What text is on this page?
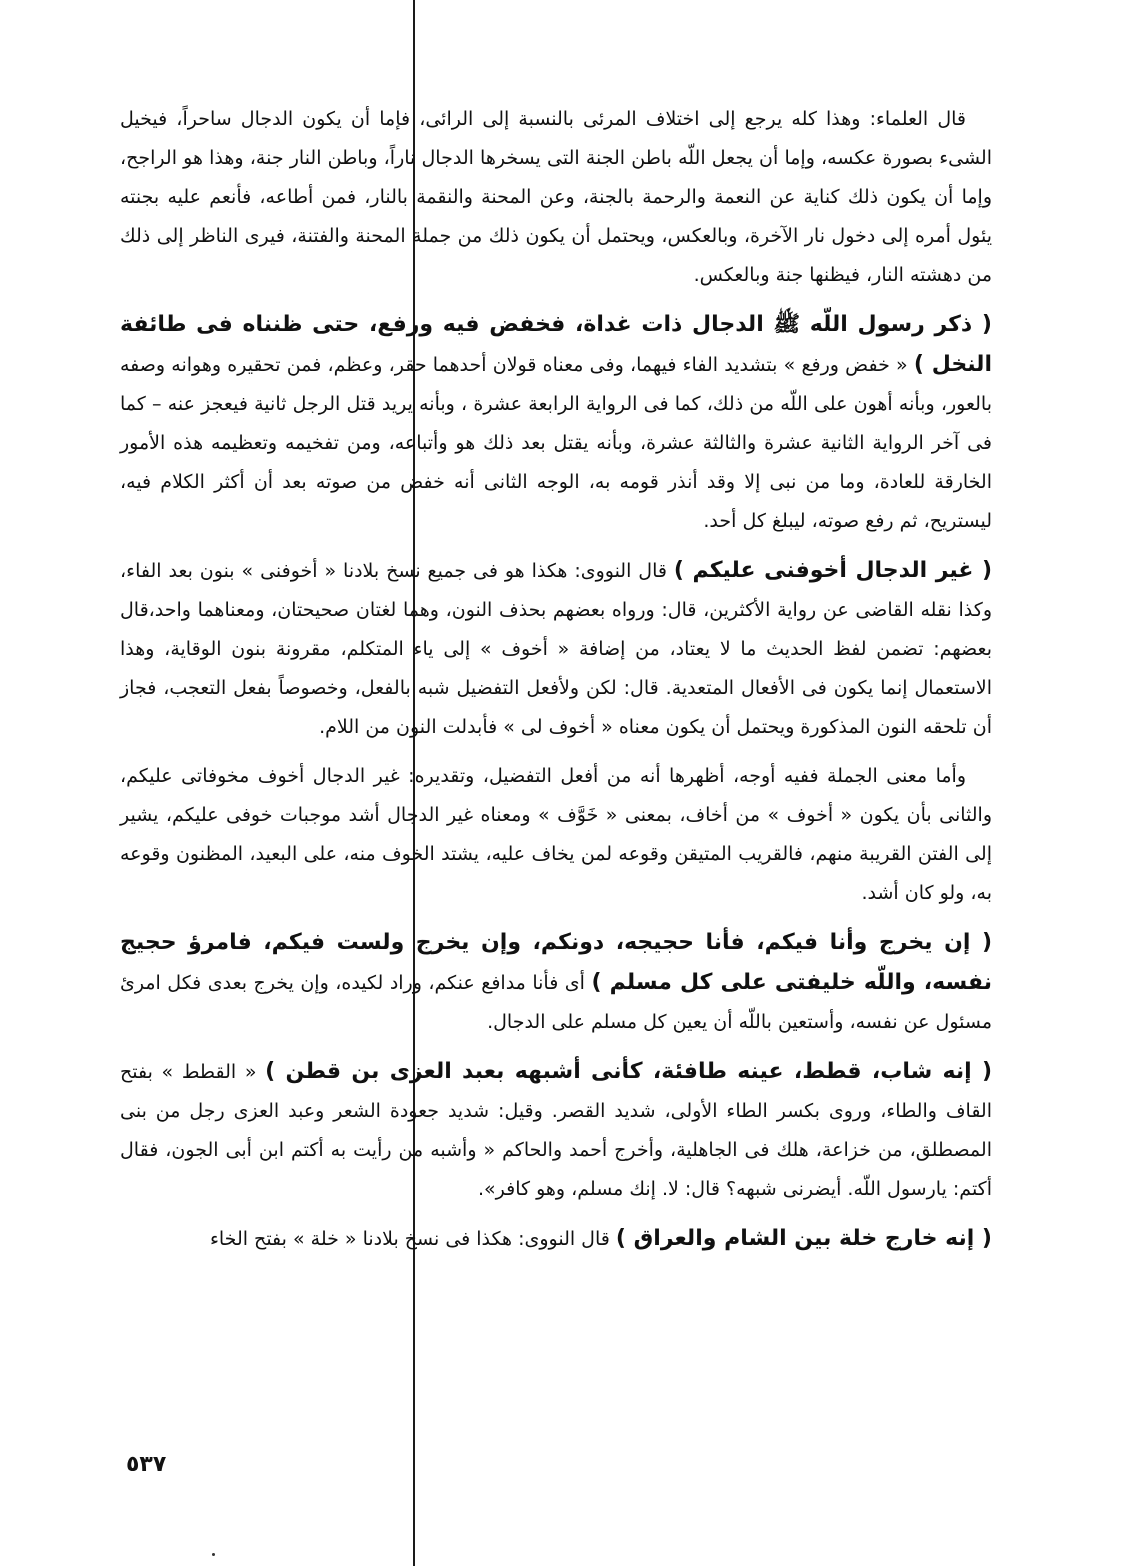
قال العلماء: وهذا كله يرجع إلى اختلاف المرئى بالنسبة إلى الرائى، فإما أن يكون الدجال ساحراً، فيخيل الشىء بصورة عكسه، وإما أن يجعل اللّه باطن الجنة التى يسخرها الدجال ناراً، وباطن النار جنة، وهذا هو الراجح، وإما أن يكون ذلك كناية عن النعمة والرحمة بالجنة، وعن المحنة والنقمة بالنار، فمن أطاعه، فأنعم عليه بجنته يئول أمره إلى دخول نار الآخرة، وبالعكس، ويحتمل أن يكون ذلك من جملة المحنة والفتنة، فيرى الناظر إلى ذلك من دهشته النار، فيظنها جنة وبالعكس.

( ذكر رسول اللّه ﷺ الدجال ذات غداة، فخفض فيه ورفع، حتى ظنناه فى طائفة النخل ) « خفض ورفع » بتشديد الفاء فيهما، وفى معناه قولان أحدهما حقر، وعظم، فمن تحقيره وهوانه وصفه بالعور، وبأنه أهون على اللّه من ذلك، كما فى الرواية الرابعة عشرة ، وبأنه يريد قتل الرجل ثانية فيعجز عنه – كما فى آخر الرواية الثانية عشرة والثالثة عشرة، وبأنه يقتل بعد ذلك هو وأتباعه، ومن تفخيمه وتعظيمه هذه الأمور الخارقة للعادة، وما من نبى إلا وقد أنذر قومه به، الوجه الثانى أنه خفض من صوته بعد أن أكثر الكلام فيه، ليستريح، ثم رفع صوته، ليبلغ كل أحد.

( غير الدجال أخوفنى عليكم ) قال النووى: هكذا هو فى جميع نسخ بلادنا « أخوفنى » بنون بعد الفاء، وكذا نقله القاضى عن رواية الأكثرين، قال: ورواه بعضهم بحذف النون، وهما لغتان صحيحتان، ومعناهما واحد،قال بعضهم: تضمن لفظ الحديث ما لا يعتاد، من إضافة « أخوف » إلى ياء المتكلم، مقرونة بنون الوقاية، وهذا الاستعمال إنما يكون فى الأفعال المتعدية. قال: لكن ولأفعل التفضيل شبه بالفعل، وخصوصاً بفعل التعجب، فجاز أن تلحقه النون المذكورة ويحتمل أن يكون معناه « أخوف لى » فأبدلت النون من اللام.

وأما معنى الجملة ففيه أوجه، أظهرها أنه من أفعل التفضيل، وتقديره: غير الدجال أخوف مخوفاتى عليكم، والثانى بأن يكون « أخوف » من أخاف، بمعنى « خَوَّف » ومعناه غير الدجال أشد موجبات خوفى عليكم، يشير إلى الفتن القريبة منهم، فالقريب المتيقن وقوعه لمن يخاف عليه، يشتد الخوف منه، على البعيد، المظنون وقوعه به، ولو كان أشد.

( إن يخرج وأنا فيكم، فأنا حجيجه، دونكم، وإن يخرج ولست فيكم، فامرؤ حجيج نفسه، واللّه خليفتى على كل مسلم ) أى فأنا مدافع عنكم، وراد لكيده، وإن يخرج بعدى فكل امرئ مسئول عن نفسه، وأستعين باللّه أن يعين كل مسلم على الدجال.

( إنه شاب، قطط، عينه طافئة، كأنى أشبهه بعبد العزى بن قطن ) « القطط » بفتح القاف والطاء، وروى بكسر الطاء الأولى، شديد القصر. وقيل: شديد جعودة الشعر وعبد العزى رجل من بنى المصطلق، من خزاعة، هلك فى الجاهلية، وأخرج أحمد والحاكم « وأشبه من رأيت به أكتم ابن أبى الجون، فقال أكتم: يارسول اللّه. أيضرنى شبهه؟ قال: لا. إنك مسلم، وهو كافر».

( إنه خارج خلة بين الشام والعراق ) قال النووى: هكذا فى نسخ بلادنا « خلة » بفتح الخاء

٥٣٧
